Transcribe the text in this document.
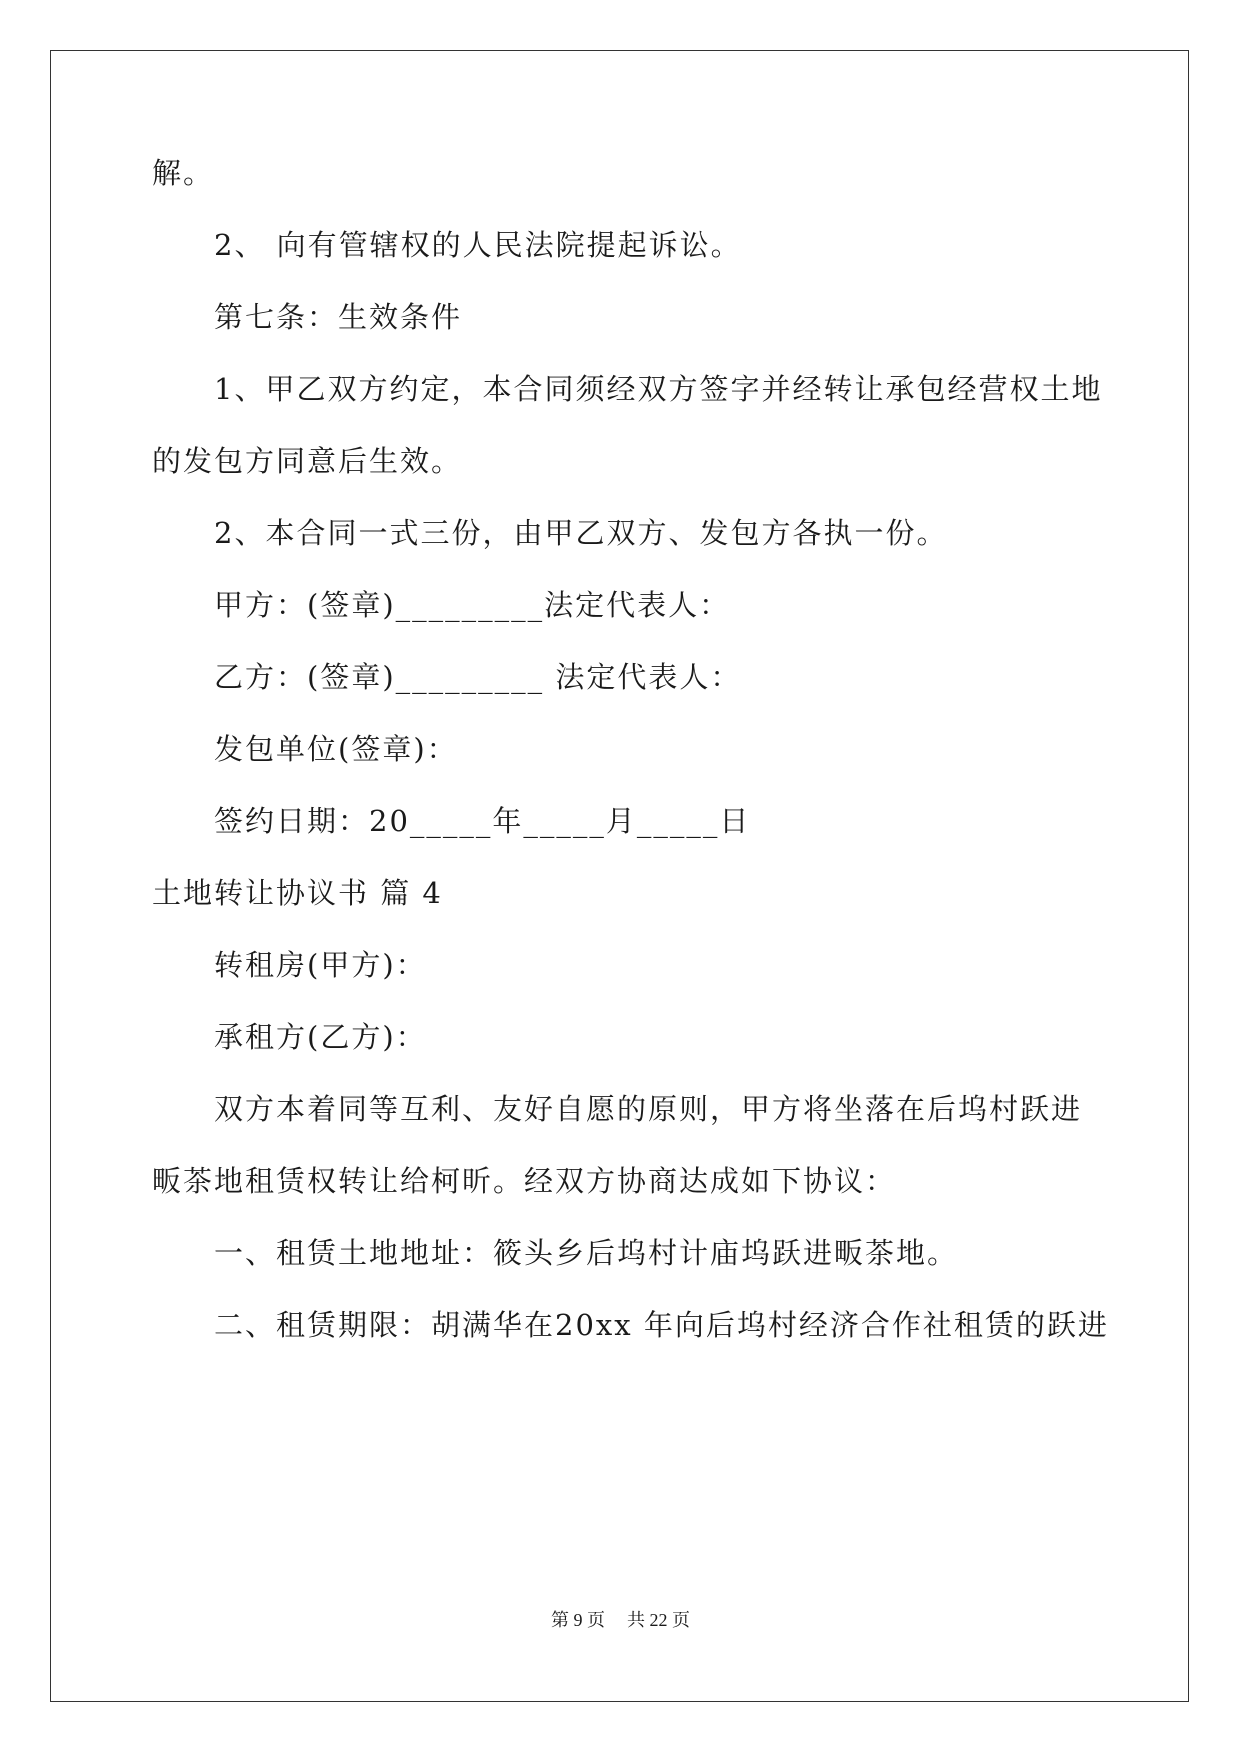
解。
2、 向有管辖权的人民法院提起诉讼。
第七条：生效条件
1、甲乙双方约定，本合同须经双方签字并经转让承包经营权土地
的发包方同意后生效。
2、本合同一式三份，由甲乙双方、发包方各执一份。
甲方：(签章)_________法定代表人：
乙方：(签章)_________ 法定代表人：
发包单位(签章)：
签约日期：20_____年_____月_____日
土地转让协议书 篇 4
转租房(甲方)：
承租方(乙方)：
双方本着同等互利、友好自愿的原则，甲方将坐落在后坞村跃进
畈茶地租赁权转让给柯昕。经双方协商达成如下协议：
一、租赁土地地址：筱头乡后坞村计庙坞跃进畈茶地。
二、租赁期限：胡满华在20xx 年向后坞村经济合作社租赁的跃进
第 9 页 共 22 页
